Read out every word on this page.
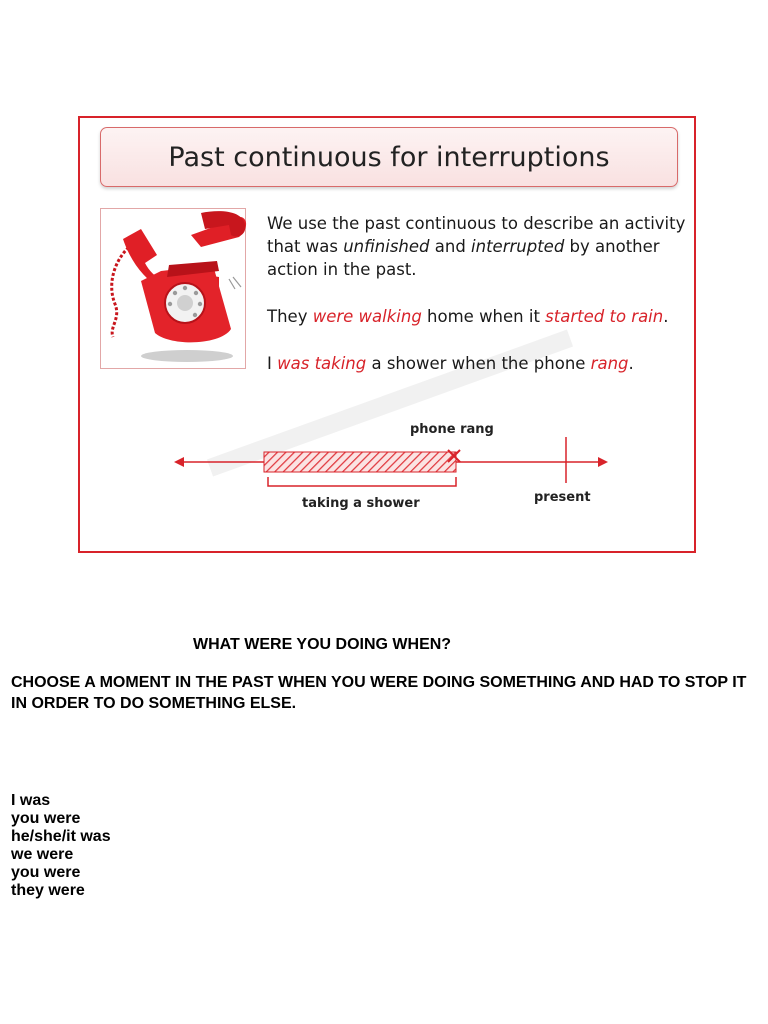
Past continuous for interruptions

We use the past continuous to describe an activity that was unfinished and interrupted by another action in the past.

They were walking home when it started to rain.

I was taking a shower when the phone rang.

phone rang
taking a shower	present
WHAT WERE YOU DOING WHEN?
CHOOSE A MOMENT IN THE PAST WHEN YOU WERE DOING SOMETHING AND HAD TO STOP IT IN ORDER TO DO SOMETHING ELSE.
I was
you were
he/she/it was
we were
you were
they were
